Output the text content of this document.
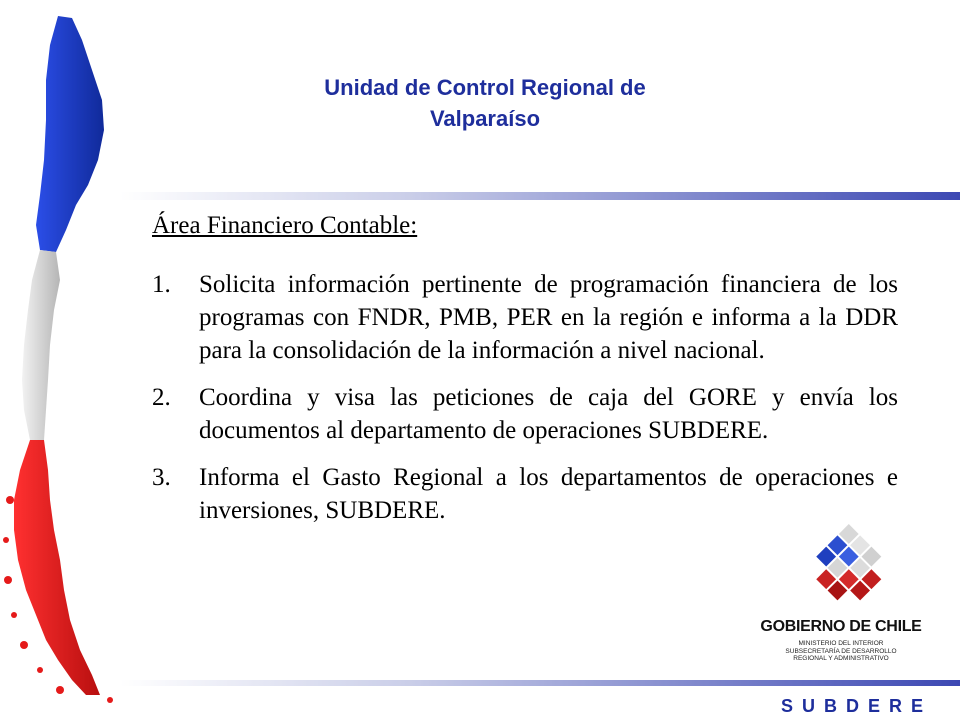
Unidad de Control Regional de
Valparaíso
Área Financiero Contable:
1. Solicita información pertinente de programación financiera de los programas con FNDR, PMB, PER en la región e informa a la DDR para la consolidación de la información a nivel nacional.
2. Coordina y visa las peticiones de caja del GORE y envía los documentos al departamento de operaciones SUBDERE.
3. Informa el Gasto Regional a los departamentos de operaciones e inversiones, SUBDERE.
GOBIERNO DE CHILE
MINISTERIO DEL INTERIOR
SUBSECRETARÍA DE DESARROLLO
REGIONAL Y ADMINISTRATIVO
SUBDERE
